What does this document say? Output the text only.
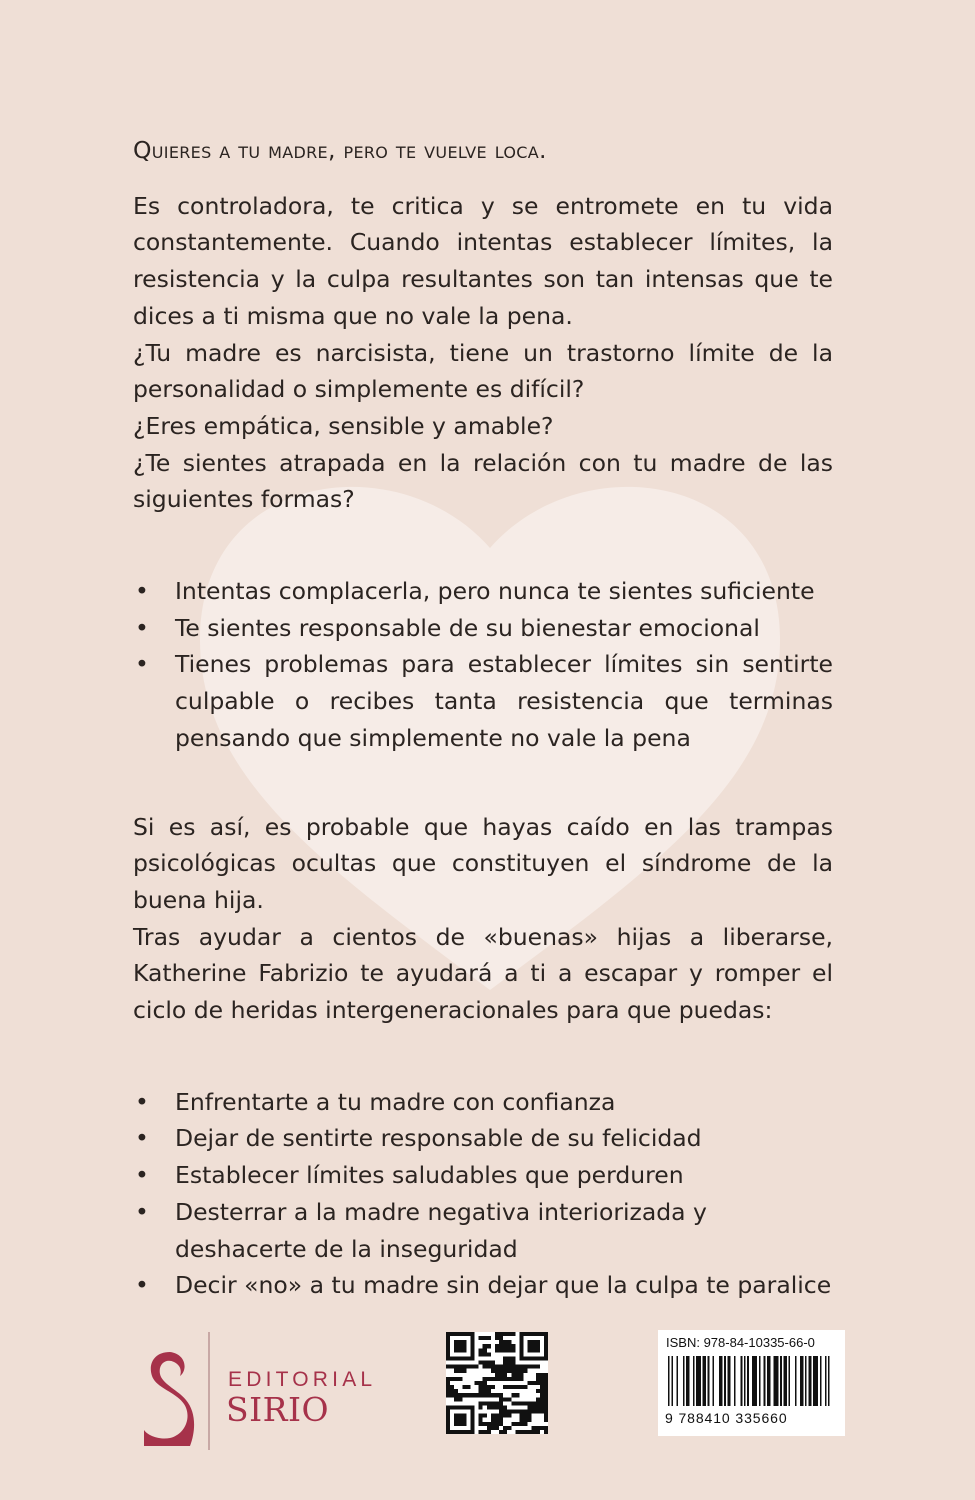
Quieres a tu madre, pero te vuelve loca.

Es controladora, te critica y se entromete en tu vida constantemente. Cuando intentas establecer límites, la resistencia y la culpa resultantes son tan intensas que te dices a ti misma que no vale la pena.

¿Tu madre es narcisista, tiene un trastorno límite de la personalidad o simplemente es difícil?

¿Eres empática, sensible y amable?

¿Te sientes atrapada en la relación con tu madre de las siguientes formas?

• Intentas complacerla, pero nunca te sientes suficiente
• Te sientes responsable de su bienestar emocional
• Tienes problemas para establecer límites sin sentirte culpable o recibes tanta resistencia que terminas pensando que simplemente no vale la pena

Si es así, es probable que hayas caído en las trampas psicológicas ocultas que constituyen el síndrome de la buena hija.

Tras ayudar a cientos de «buenas» hijas a liberarse, Katherine Fabrizio te ayudará a ti a escapar y romper el ciclo de heridas intergeneracionales para que puedas:

• Enfrentarte a tu madre con confianza
• Dejar de sentirte responsable de su felicidad
• Establecer límites saludables que perduren
• Desterrar a la madre negativa interiorizada y deshacerte de la inseguridad
• Decir «no» a tu madre sin dejar que la culpa te paralice
EDITORIAL
SIRIO
ISBN: 978-84-10335-66-0
9 788410 335660
